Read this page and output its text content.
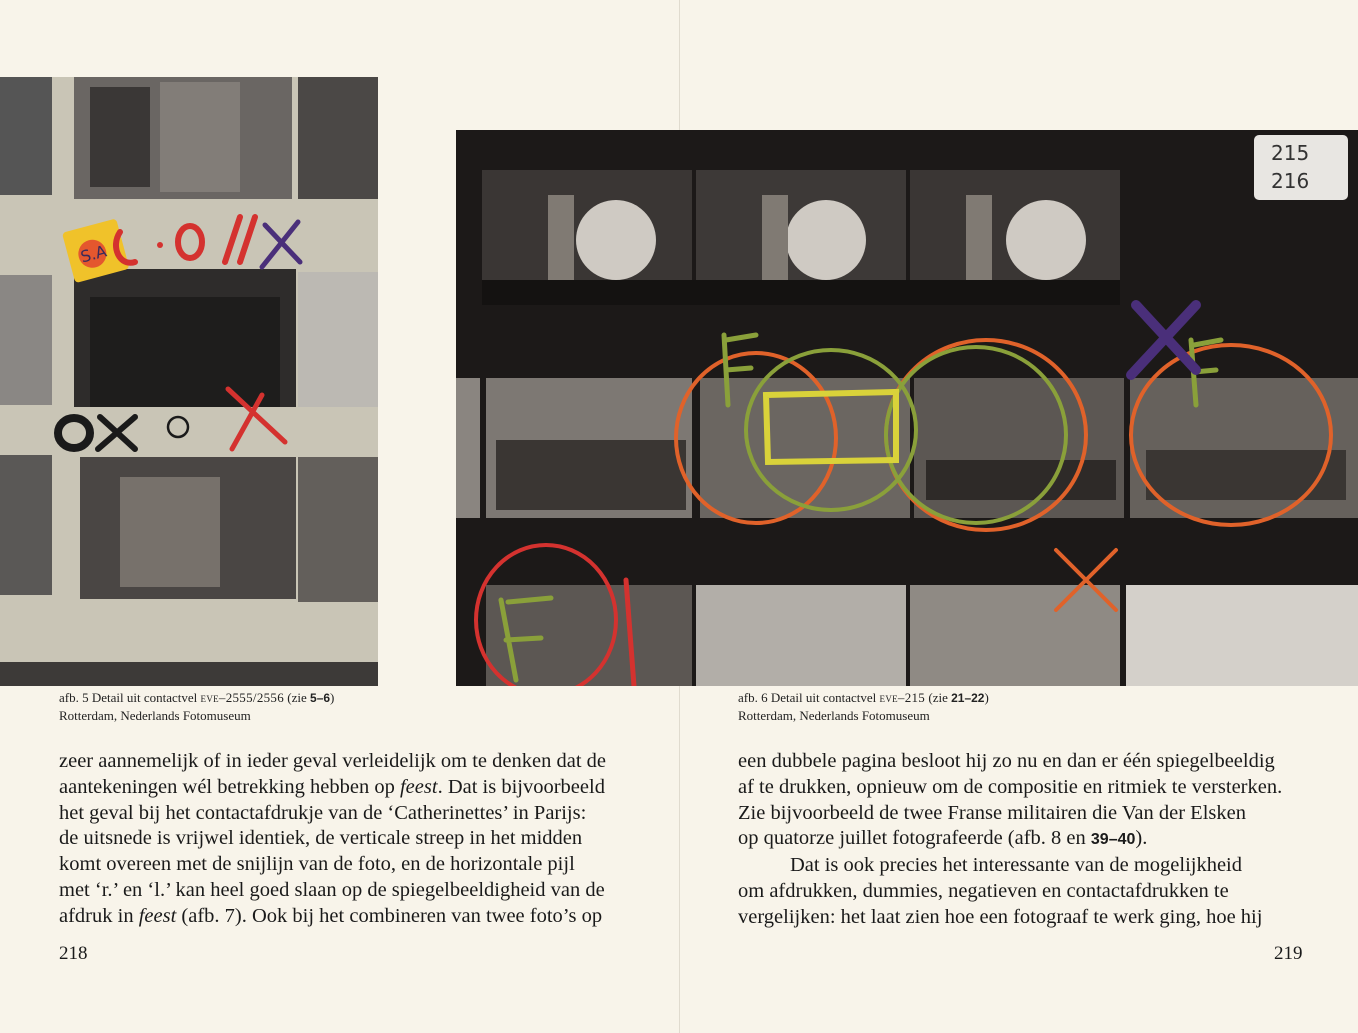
S.A
afb. 5 Detail uit contactvel eve–2555/2556 (zie 5–6)
Rotterdam, Nederlands Fotomuseum
zeer aannemelijk of in ieder geval verleidelijk om te denken dat de
aantekeningen wél betrekking hebben op feest. Dat is bijvoorbeeld
het geval bij het contactafdrukje van de ‘Catherinettes’ in Parijs:
de uitsnede is vrijwel identiek, de verticale streep in het midden
komt overeen met de snijlijn van de foto, en de horizontale pijl
met ‘r.’ en ‘l.’ kan heel goed slaan op de spiegelbeeldigheid van de
afdruk in feest (afb. 7). Ook bij het combineren van twee foto’s op
218
215
216
afb. 6 Detail uit contactvel eve–215 (zie 21–22)
Rotterdam, Nederlands Fotomuseum
een dubbele pagina besloot hij zo nu en dan er één spiegelbeeldig
af te drukken, opnieuw om de compositie en ritmiek te versterken.
Zie bijvoorbeeld de twee Franse militairen die Van der Elsken
op quatorze juillet fotografeerde (afb. 8 en 39–40).
Dat is ook precies het interessante van de mogelijkheid
om afdrukken, dummies, negatieven en contactafdrukken te
vergelijken: het laat zien hoe een fotograaf te werk ging, hoe hij
219
